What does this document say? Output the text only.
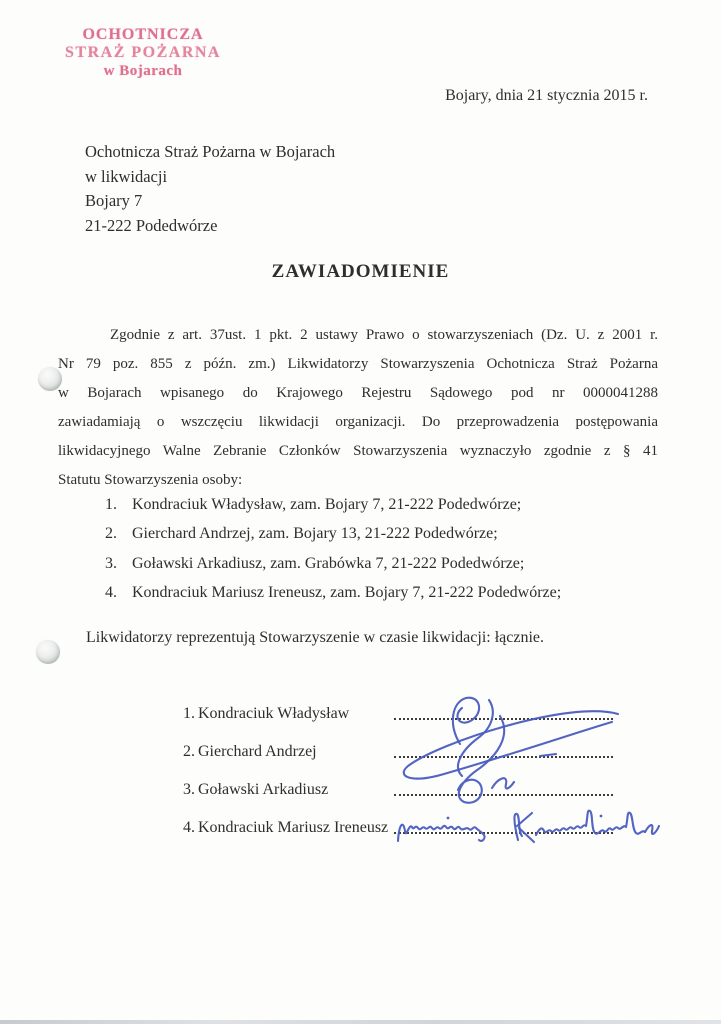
OCHOTNICZA
STRAŻ POŻARNA
w Bojarach
Bojary, dnia 21 stycznia 2015 r.
Ochotnicza Straż Pożarna w Bojarach
w likwidacji
Bojary 7
21-222 Podedwórze
ZAWIADOMIENIE
Zgodnie z art. 37ust. 1 pkt. 2 ustawy Prawo o stowarzyszeniach (Dz. U. z 2001 r.
Nr 79 poz. 855 z późn. zm.) Likwidatorzy Stowarzyszenia Ochotnicza Straż Pożarna
w Bojarach wpisanego do Krajowego Rejestru Sądowego pod nr 0000041288
zawiadamiają o wszczęciu likwidacji organizacji. Do przeprowadzenia postępowania
likwidacyjnego Walne Zebranie Członków Stowarzyszenia wyznaczyło zgodnie z § 41
Statutu Stowarzyszenia osoby:
1. Kondraciuk Władysław, zam. Bojary 7, 21-222 Podedwórze;
2. Gierchard Andrzej, zam. Bojary 13, 21-222 Podedwórze;
3. Goławski Arkadiusz, zam. Grabówka 7, 21-222 Podedwórze;
4. Kondraciuk Mariusz Ireneusz, zam. Bojary 7, 21-222 Podedwórze;
Likwidatorzy reprezentują Stowarzyszenie w czasie likwidacji: łącznie.
1. Kondraciuk Władysław
2. Gierchard Andrzej
3. Goławski Arkadiusz
4. Kondraciuk Mariusz Ireneusz
